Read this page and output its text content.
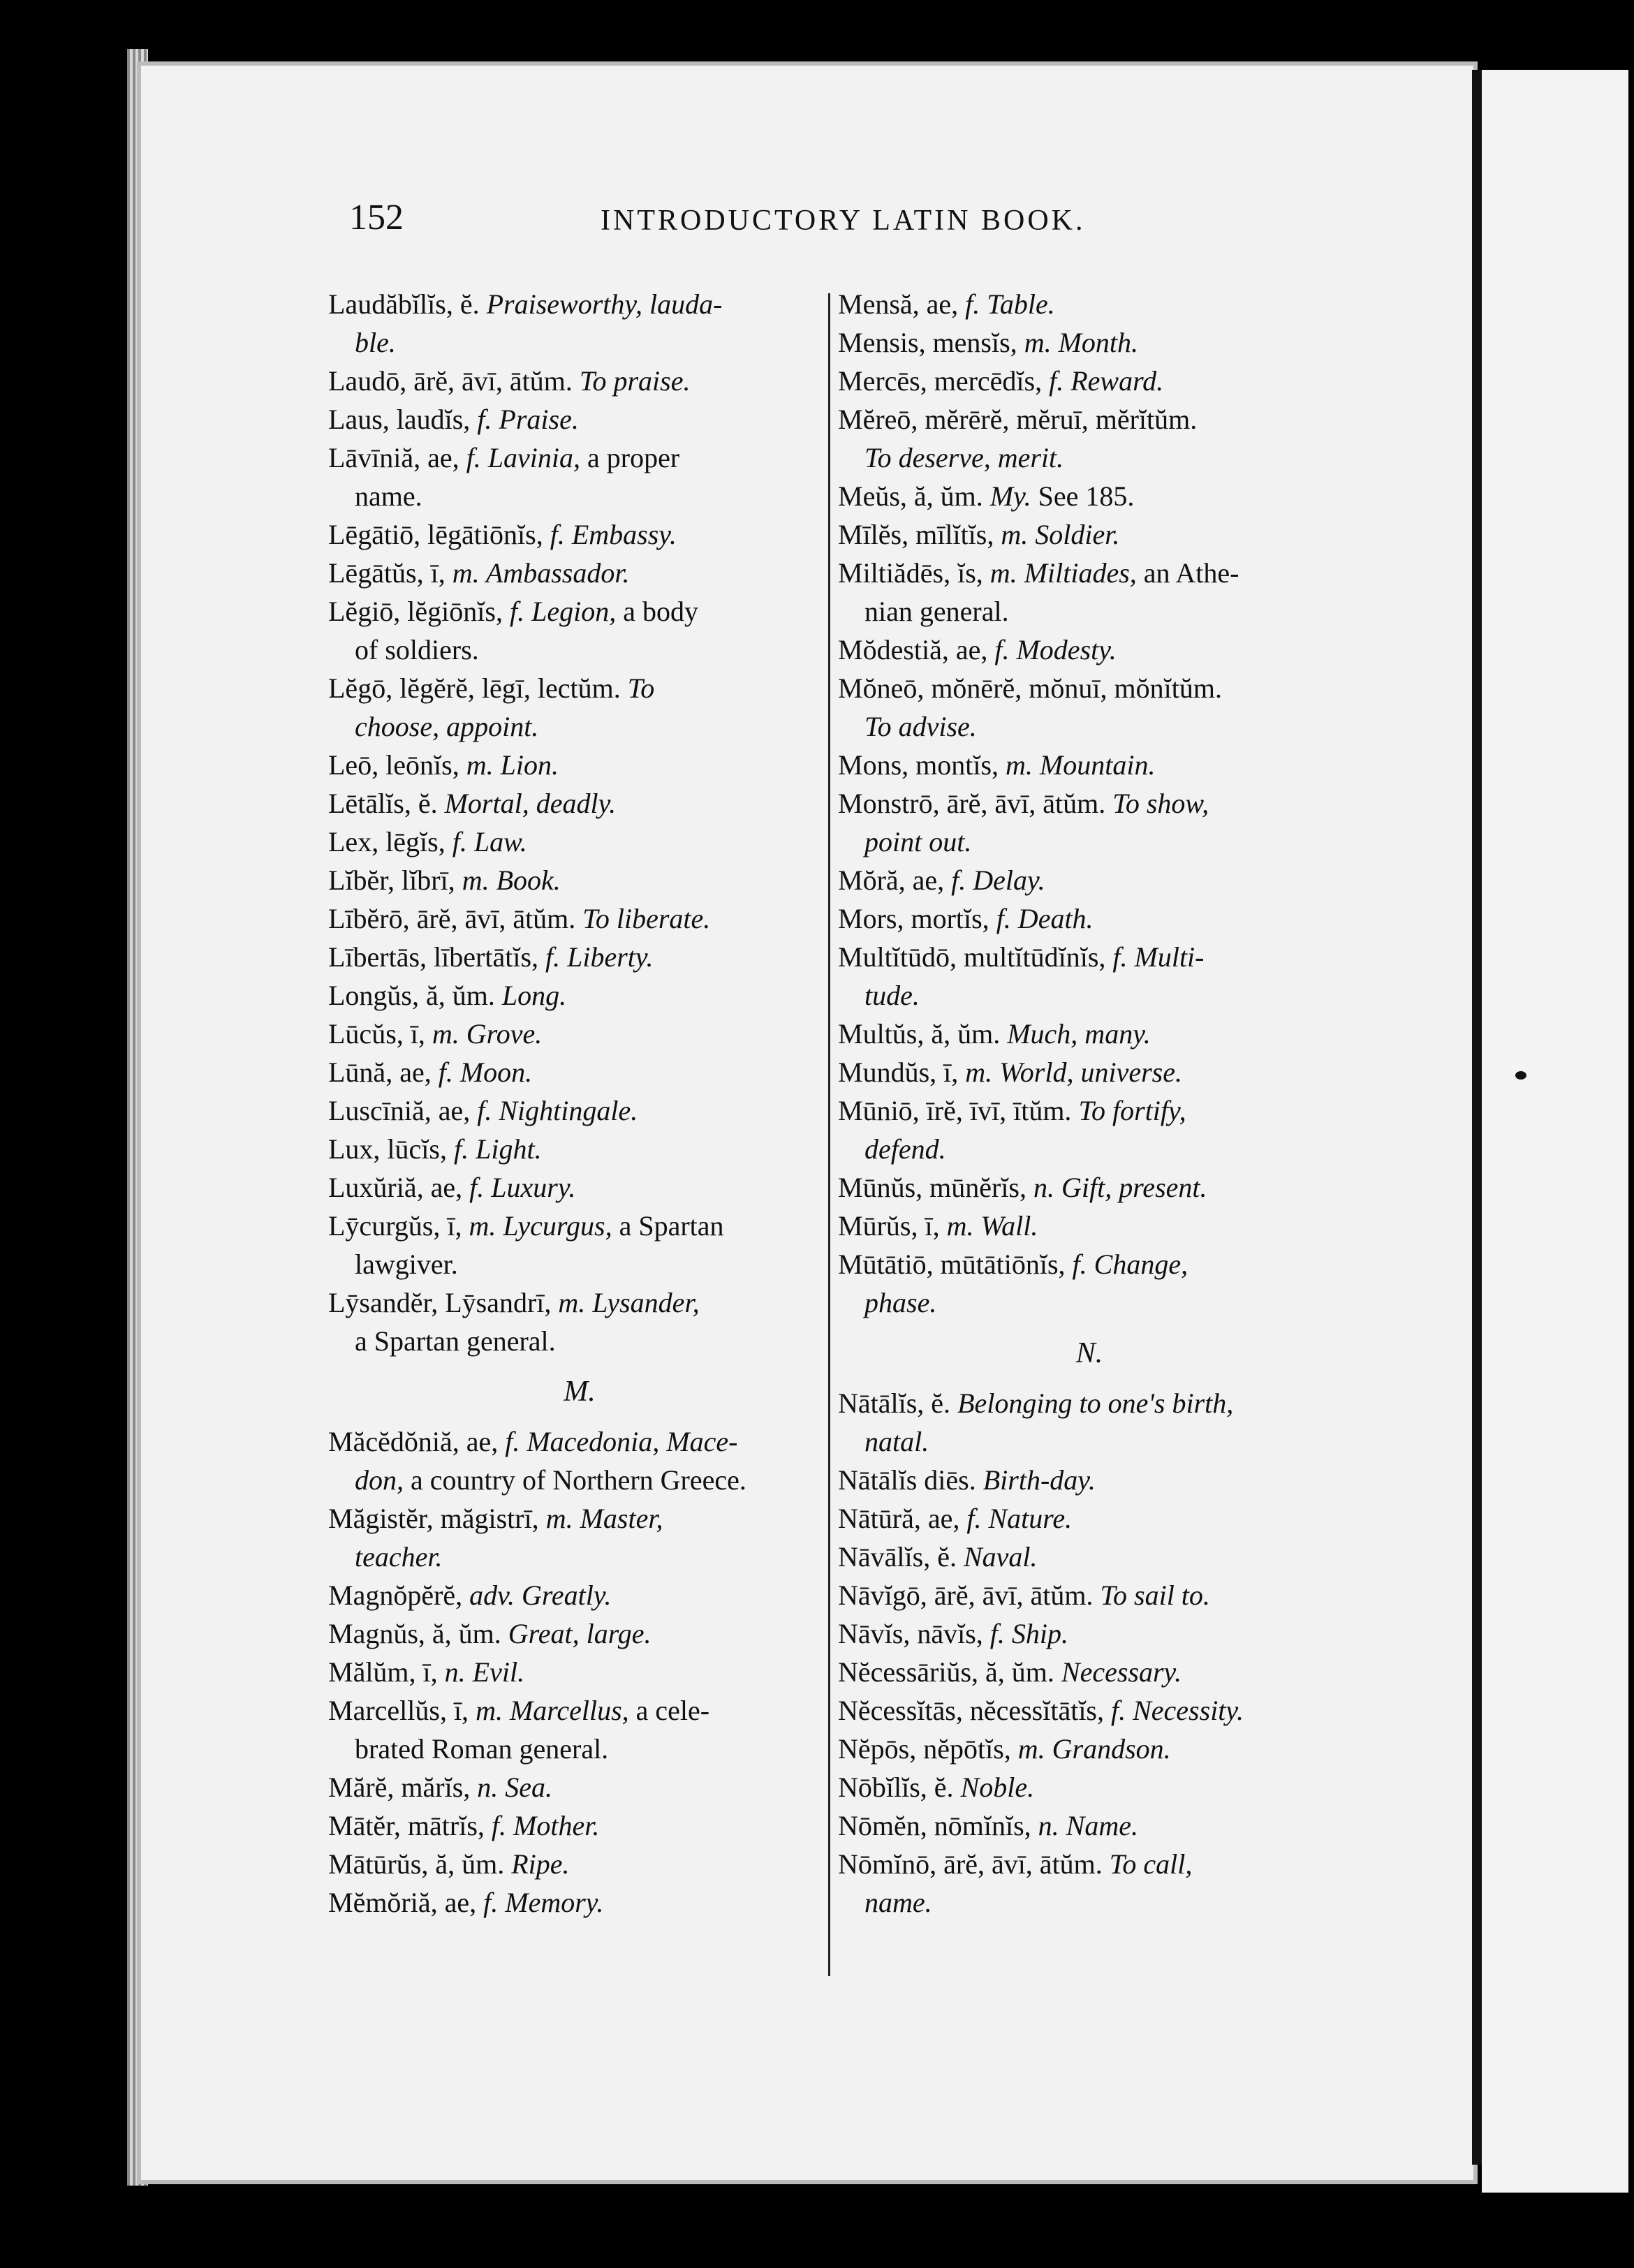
152	INTRODUCTORY LATIN BOOK.

Laudăbĭlĭs, ĕ. Praiseworthy, lauda-

ble.

Laudō, ārĕ, āvī, ātŭm. To praise.

Laus, laudĭs, f. Praise.

Lāvīniă, ae, f. Lavinia, a proper

name.

Lēgātiō, lēgātiōnĭs, f. Embassy.

Lēgātŭs, ī, m. Ambassador.

Lĕgiō, lĕgiōnĭs, f. Legion, a body

of soldiers.

Lĕgō, lĕgĕrĕ, lēgī, lectŭm. To

choose, appoint.

Leō, leōnĭs, m. Lion.

Lētālĭs, ĕ. Mortal, deadly.

Lex, lēgĭs, f. Law.

Lĭbĕr, lĭbrī, m. Book.

Lībĕrō, ārĕ, āvī, ātŭm. To liberate.

Lībertās, lībertātĭs, f. Liberty.

Longŭs, ă, ŭm. Long.

Lūcŭs, ī, m. Grove.

Lūnă, ae, f. Moon.

Luscīniă, ae, f. Nightingale.

Lux, lūcĭs, f. Light.

Luxŭriă, ae, f. Luxury.

Lȳcurgŭs, ī, m. Lycurgus, a Spartan

lawgiver.

Lȳsandĕr, Lȳsandrī, m. Lysander,

a Spartan general.

M.

Măcĕdŏniă, ae, f. Macedonia, Mace-

don, a country of Northern Greece.

Măgistĕr, măgistrī, m. Master,

teacher.

Magnŏpĕrĕ, adv. Greatly.

Magnŭs, ă, ŭm. Great, large.

Mălŭm, ī, n. Evil.

Marcellŭs, ī, m. Marcellus, a cele-

brated Roman general.

Mărĕ, mărĭs, n. Sea.

Mātĕr, mātrĭs, f. Mother.

Mātūrŭs, ă, ŭm. Ripe.

Mĕmŏriă, ae, f. Memory.

Mensă, ae, f. Table.

Mensis, mensĭs, m. Month.

Mercēs, mercēdĭs, f. Reward.

Mĕreō, mĕrērĕ, mĕruī, mĕrĭtŭm.

To deserve, merit.

Meŭs, ă, ŭm. My. See 185.

Mīlĕs, mīlĭtĭs, m. Soldier.

Miltiădēs, ĭs, m. Miltiades, an Athe-

nian general.

Mŏdestiă, ae, f. Modesty.

Mŏneō, mŏnērĕ, mŏnuī, mŏnĭtŭm.

To advise.

Mons, montĭs, m. Mountain.

Monstrō, ārĕ, āvī, ātŭm. To show,

point out.

Mŏră, ae, f. Delay.

Mors, mortĭs, f. Death.

Multĭtūdō, multĭtūdĭnĭs, f. Multi-

tude.

Multŭs, ă, ŭm. Much, many.

Mundŭs, ī, m. World, universe.

Mūniō, īrĕ, īvī, ītŭm. To fortify,

defend.

Mūnŭs, mūnĕrĭs, n. Gift, present.

Mūrŭs, ī, m. Wall.

Mūtātiō, mūtātiōnĭs, f. Change,

phase.

N.

Nātālĭs, ĕ. Belonging to one's birth,

natal.

Nātālĭs diēs. Birth-day.

Nātūră, ae, f. Nature.

Nāvālĭs, ĕ. Naval.

Nāvĭgō, ārĕ, āvī, ātŭm. To sail to.

Nāvĭs, nāvĭs, f. Ship.

Nĕcessāriŭs, ă, ŭm. Necessary.

Nĕcessĭtās, nĕcessĭtātĭs, f. Necessity.

Nĕpōs, nĕpōtĭs, m. Grandson.

Nōbĭlĭs, ĕ. Noble.

Nōmĕn, nōmĭnĭs, n. Name.

Nōmĭnō, ārĕ, āvī, ātŭm. To call,

name.
